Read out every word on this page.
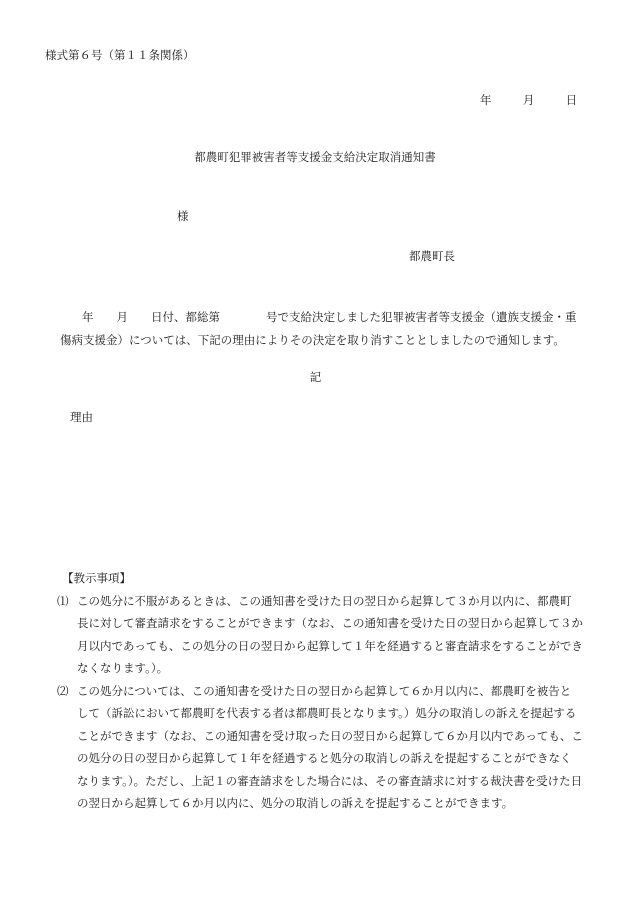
様式第６号（第１１条関係）
年	月	日
都農町犯罪被害者等支援金支給決定取消通知書
様
都農町長
年　　月　　日付、都総第　　　　号で支給決定しました犯罪被害者等支援金（遺族支援金・重
傷病支援金）については、下記の理由によりその決定を取り消すこととしましたので通知します。
記
理由
【教示事項】
⑴ この処分に不服があるときは、この通知書を受けた日の翌日から起算して３か月以内に、都農町
長に対して審査請求をすることができます（なお、この通知書を受けた日の翌日から起算して３か
月以内であっても、この処分の日の翌日から起算して１年を経過すると審査請求をすることができ
なくなります。）。
⑵ この処分については、この通知書を受けた日の翌日から起算して６か月以内に、都農町を被告と
して（訴訟において都農町を代表する者は都農町長となります。）処分の取消しの訴えを提起する
ことができます（なお、この通知書を受け取った日の翌日から起算して６か月以内であっても、こ
の処分の日の翌日から起算して１年を経過すると処分の取消しの訴えを提起することができなく
なります。）。ただし、上記１の審査請求をした場合には、その審査請求に対する裁決書を受けた日
の翌日から起算して６か月以内に、処分の取消しの訴えを提起することができます。
